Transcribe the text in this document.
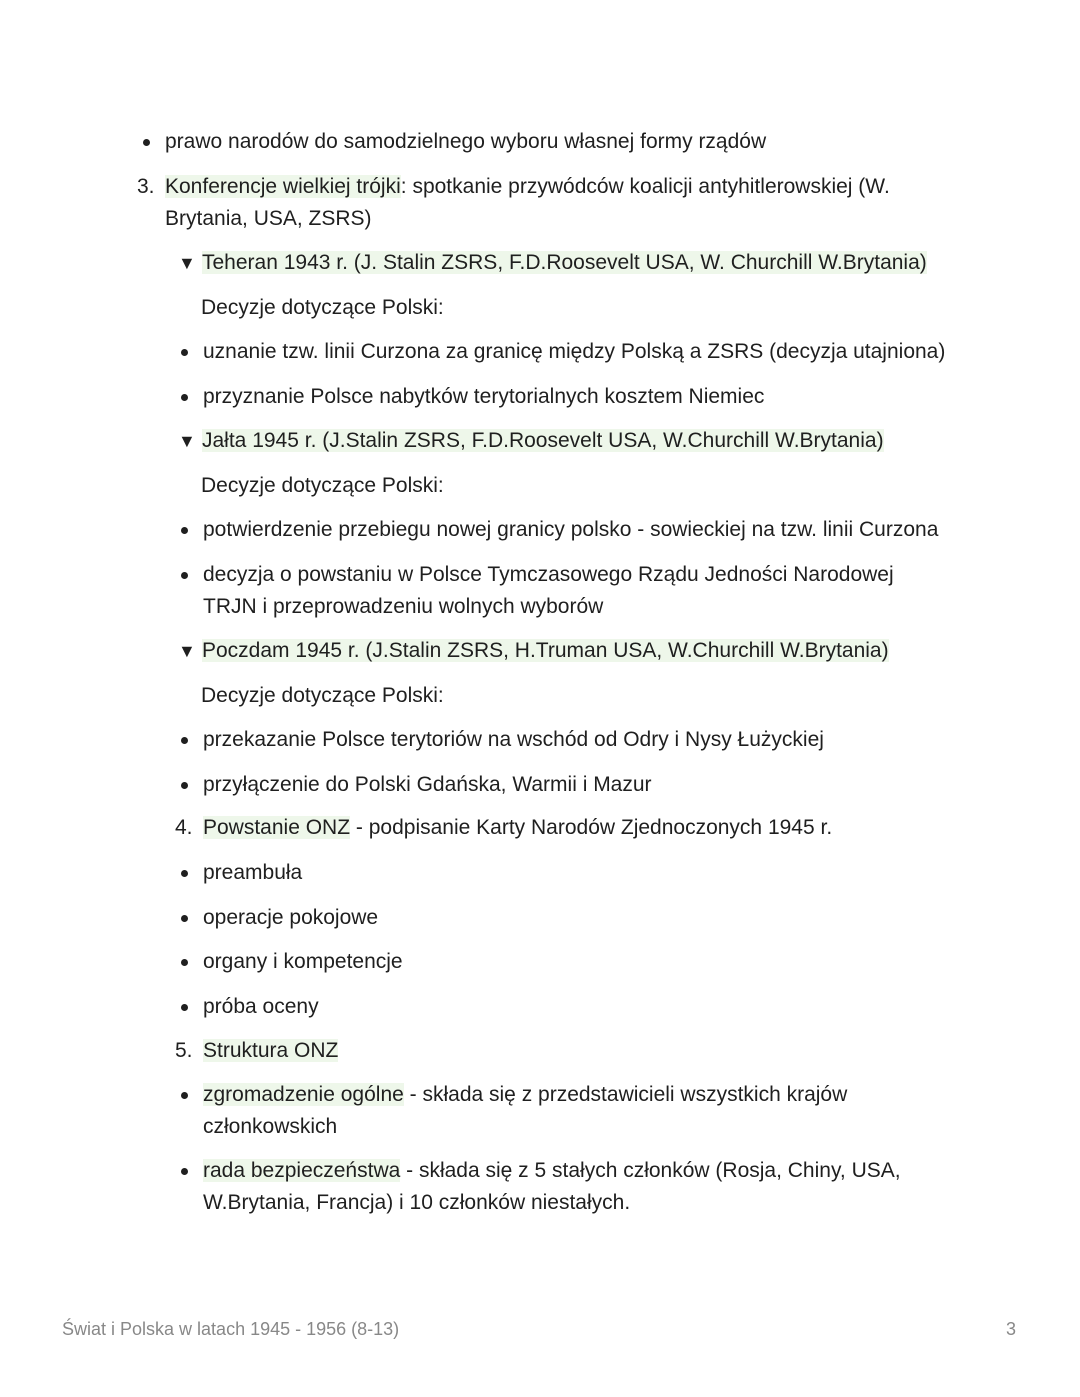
prawo narodów do samodzielnego wyboru własnej formy rządów
3. Konferencje wielkiej trójki: spotkanie przywódców koalicji antyhitlerowskiej (W.
Brytania, USA, ZSRS)
▼ Teheran 1943 r. (J. Stalin ZSRS, F.D.Roosevelt USA, W. Churchill W.Brytania)
Decyzje dotyczące Polski:
uznanie tzw. linii Curzona za granicę między Polską a ZSRS (decyzja utajniona)
przyznanie Polsce nabytków terytorialnych kosztem Niemiec
▼ Jałta 1945 r. (J.Stalin ZSRS, F.D.Roosevelt USA, W.Churchill W.Brytania)
Decyzje dotyczące Polski:
potwierdzenie przebiegu nowej granicy polsko - sowieckiej na tzw. linii Curzona
decyzja o powstaniu w Polsce Tymczasowego Rządu Jedności Narodowej
TRJN i przeprowadzeniu wolnych wyborów
▼ Poczdam 1945 r. (J.Stalin ZSRS, H.Truman USA, W.Churchill W.Brytania)
Decyzje dotyczące Polski:
przekazanie Polsce terytoriów na wschód od Odry i Nysy Łużyckiej
przyłączenie do Polski Gdańska, Warmii i Mazur
4. Powstanie ONZ - podpisanie Karty Narodów Zjednoczonych 1945 r.
preambuła
operacje pokojowe
organy i kompetencje
próba oceny
5. Struktura ONZ
zgromadzenie ogólne - składa się z przedstawicieli wszystkich krajów
członkowskich
rada bezpieczeństwa - składa się z 5 stałych członków (Rosja, Chiny, USA,
W.Brytania, Francja) i 10 członków niestałych.
Świat i Polska w latach 1945 - 1956 (8-13)	3
